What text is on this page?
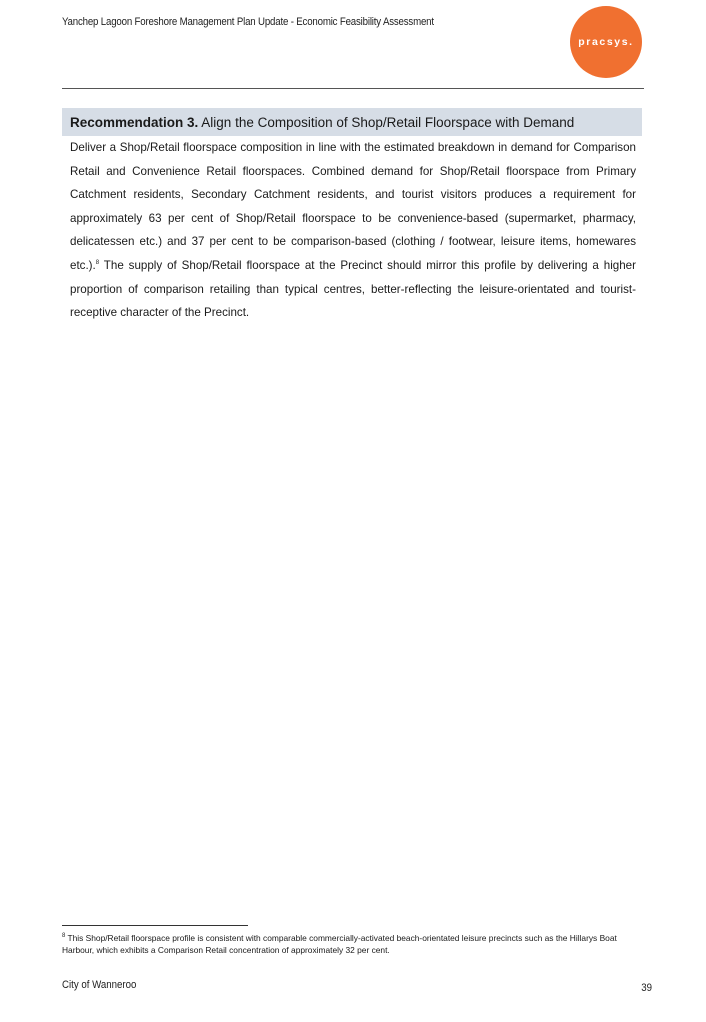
Yanchep Lagoon Foreshore Management Plan Update - Economic Feasibility Assessment
pracsys.
Recommendation 3. Align the Composition of Shop/Retail Floorspace with Demand

Deliver a Shop/Retail floorspace composition in line with the estimated breakdown in demand for Comparison Retail and Convenience Retail floorspaces. Combined demand for Shop/Retail floorspace from Primary Catchment residents, Secondary Catchment residents, and tourist visitors produces a requirement for approximately 63 per cent of Shop/Retail floorspace to be convenience-based (supermarket, pharmacy, delicatessen etc.) and 37 per cent to be comparison-based (clothing / footwear, leisure items, homewares etc.).$^8$ The supply of Shop/Retail floorspace at the Precinct should mirror this profile by delivering a higher proportion of comparison retailing than typical centres, better-reflecting the leisure-orientated and tourist-receptive character of the Precinct.

$^8$ This Shop/Retail floorspace profile is consistent with comparable commercially-activated beach-orientated leisure precincts such as the Hillarys Boat Harbour, which exhibits a Comparison Retail concentration of approximately 32 per cent.

City of Wanneroo	39
